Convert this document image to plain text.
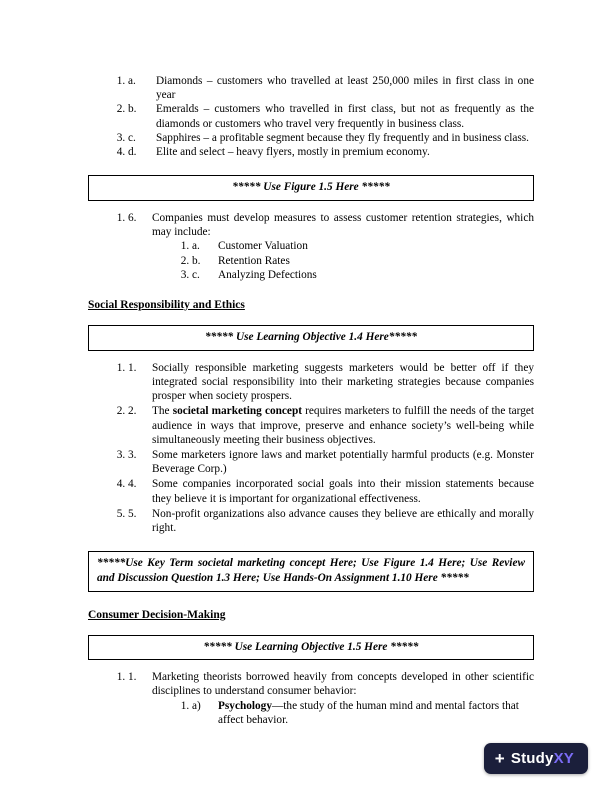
1. a.	Diamonds – customers who travelled at least 250,000 miles in first class in one year
2. b.	Emeralds – customers who travelled in first class, but not as frequently as the diamonds or customers who travel very frequently in business class.
3. c.	Sapphires – a profitable segment because they fly frequently and in business class.
4. d.	Elite and select – heavy flyers, mostly in premium economy.
***** Use Figure 1.5 Here *****
1. 6.	Companies must develop measures to assess customer retention strategies, which may include:
1. a.	Customer Valuation
2. b.	Retention Rates
3. c.	Analyzing Defections
Social Responsibility and Ethics
***** Use Learning Objective 1.4 Here*****
1. 1.	Socially responsible marketing suggests marketers would be better off if they integrated social responsibility into their marketing strategies because companies prosper when society prospers.
2. 2.	The societal marketing concept requires marketers to fulfill the needs of the target audience in ways that improve, preserve and enhance society’s well-being while simultaneously meeting their business objectives.
3. 3.	Some marketers ignore laws and market potentially harmful products (e.g. Monster Beverage Corp.)
4. 4.	Some companies incorporated social goals into their mission statements because they believe it is important for organizational effectiveness.
5. 5.	Non-profit organizations also advance causes they believe are ethically and morally right.
*****Use Key Term societal marketing concept Here; Use Figure 1.4 Here; Use Review and Discussion Question 1.3 Here; Use Hands-On Assignment 1.10 Here *****
Consumer Decision-Making
***** Use Learning Objective 1.5 Here *****
1. 1.	Marketing theorists borrowed heavily from concepts developed in other scientific disciplines to understand consumer behavior:
1. a)	Psychology—the study of the human mind and mental factors that affect behavior.
+ StudyXY
